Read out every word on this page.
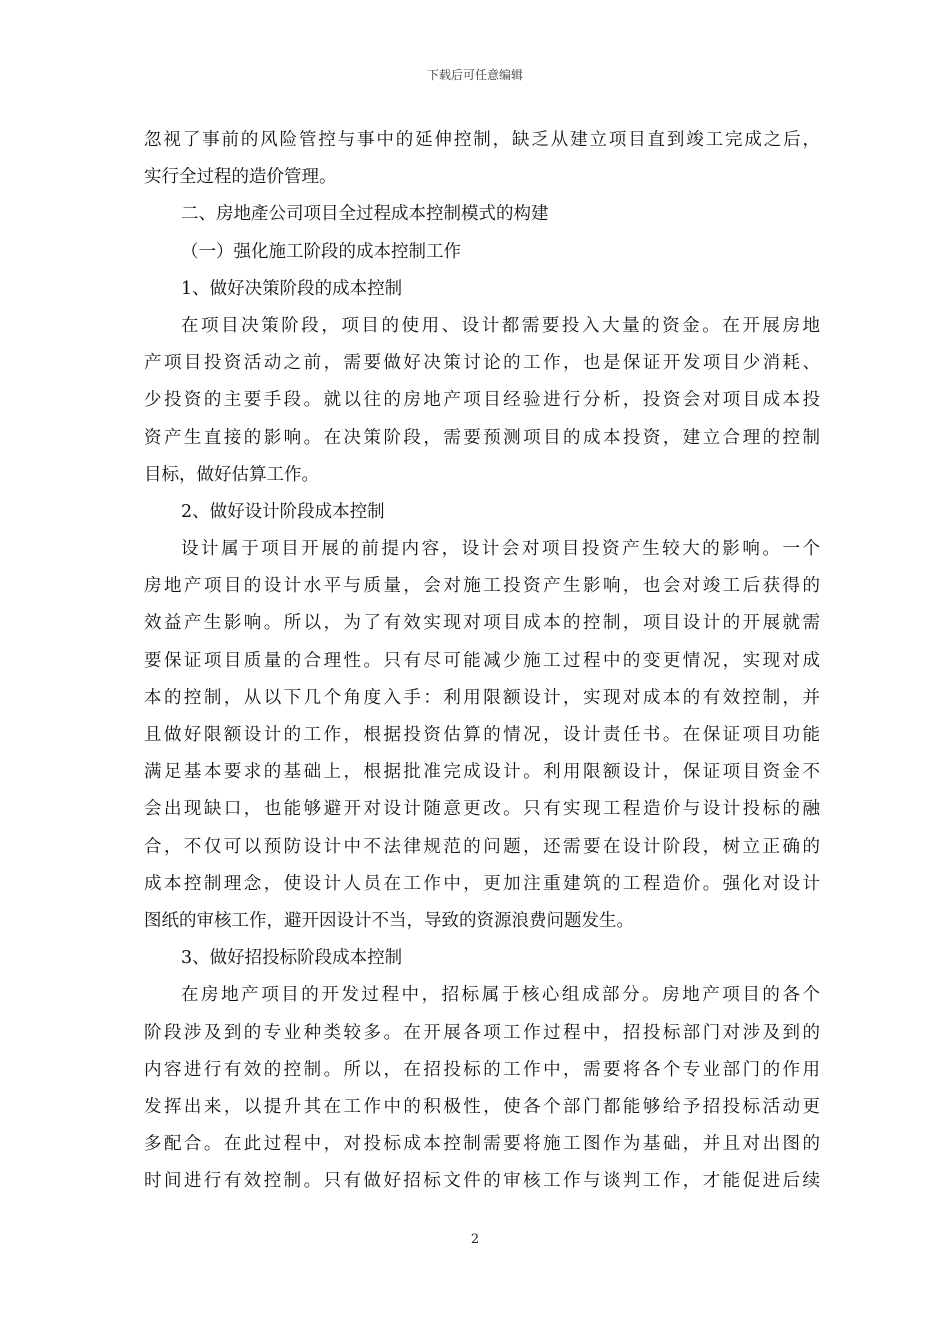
下载后可任意编辑
忽视了事前的风险管控与事中的延伸控制，缺乏从建立项目直到竣工完成之后，
实行全过程的造价管理。
二、房地產公司项目全过程成本控制模式的构建
（一）强化施工阶段的成本控制工作
1、做好决策阶段的成本控制
在项目决策阶段，项目的使用、设计都需要投入大量的资金。在开展房地
产项目投资活动之前，需要做好决策讨论的工作，也是保证开发项目少消耗、
少投资的主要手段。就以往的房地产项目经验进行分析，投资会对项目成本投
资产生直接的影响。在决策阶段，需要预测项目的成本投资，建立合理的控制
目标，做好估算工作。
2、做好设计阶段成本控制
设计属于项目开展的前提内容，设计会对项目投资产生较大的影响。一个
房地产项目的设计水平与质量，会对施工投资产生影响，也会对竣工后获得的
效益产生影响。所以，为了有效实现对项目成本的控制，项目设计的开展就需
要保证项目质量的合理性。只有尽可能减少施工过程中的变更情况，实现对成
本的控制，从以下几个角度入手：利用限额设计，实现对成本的有效控制，并
且做好限额设计的工作，根据投资估算的情况，设计责任书。在保证项目功能
满足基本要求的基础上，根据批准完成设计。利用限额设计，保证项目资金不
会出现缺口，也能够避开对设计随意更改。只有实现工程造价与设计投标的融
合，不仅可以预防设计中不法律规范的问题，还需要在设计阶段，树立正确的
成本控制理念，使设计人员在工作中，更加注重建筑的工程造价。强化对设计
图纸的审核工作，避开因设计不当，导致的资源浪费问题发生。
3、做好招投标阶段成本控制
在房地产项目的开发过程中，招标属于核心组成部分。房地产项目的各个
阶段涉及到的专业种类较多。在开展各项工作过程中，招投标部门对涉及到的
内容进行有效的控制。所以，在招投标的工作中，需要将各个专业部门的作用
发挥出来，以提升其在工作中的积极性，使各个部门都能够给予招投标活动更
多配合。在此过程中，对投标成本控制需要将施工图作为基础，并且对出图的
时间进行有效控制。只有做好招标文件的审核工作与谈判工作，才能促进后续
2
